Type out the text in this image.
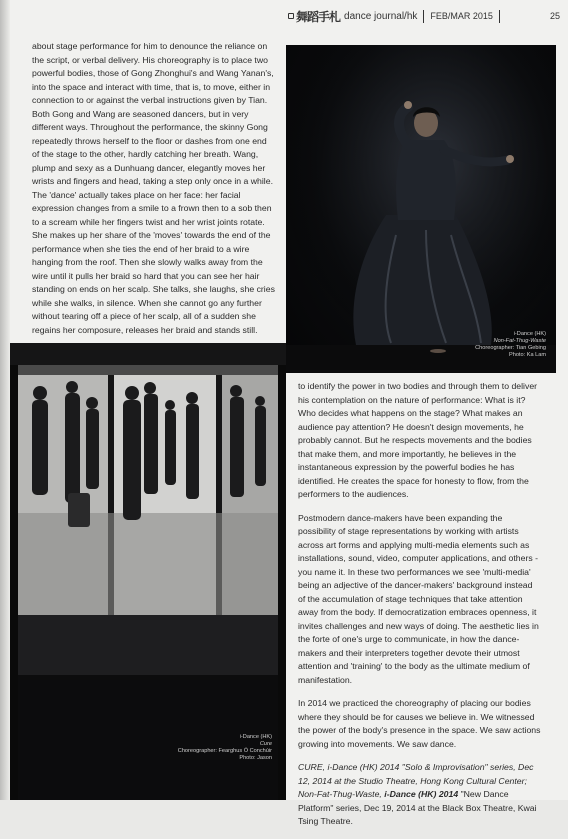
舞蹈手札 dance journal/hk FEB/MAR 2015	25

about stage performance for him to denounce the reliance on the script, or verbal delivery. His choreography is to place two powerful bodies, those of Gong Zhonghui's and Wang Yanan's, into the space and interact with time, that is, to move, either in connection to or against the verbal instructions given by Tian. Both Gong and Wang are seasoned dancers, but in very different ways. Throughout the performance, the skinny Gong repeatedly throws herself to the floor or dashes from one end of the stage to the other, hardly catching her breath. Wang, plump and sexy as a Dunhuang dancer, elegantly moves her wrists and fingers and head, taking a step only once in a while. The 'dance' actually takes place on her face: her facial expression changes from a smile to a frown then to a sob then to a scream while her fingers twist and her wrist joints rotate. She makes up her share of the 'moves' towards the end of the performance when she ties the end of her braid to a wire hanging from the roof. Then she slowly walks away from the wire until it pulls her braid so hard that you can see her hair standing on ends on her scalp. She talks, she laughs, she cries while she walks, in silence. When she cannot go any further without tearing off a piece of her scalp, all of a sudden she regains her composure, releases her braid and stands still.	i-Dance (HK)
Non-Fat-Thug-Waste
Choreographer: Tian Gebing
Photo: Ka Lam
i-Dance (HK)
Cure
Choreographer: Fearghus Ó Conchúir
Photo: Jason

to identify the power in two bodies and through them to deliver his contemplation on the nature of performance: What is it? Who decides what happens on the stage? What makes an audience pay attention? He doesn't design movements, he probably cannot. But he respects movements and the bodies that make them, and more importantly, he believes in the instantaneous expression by the powerful bodies he has identified. He creates the space for honesty to flow, from the performers to the audiences.

Postmodern dance-makers have been expanding the possibility of stage representations by working with artists across art forms and applying multi-media elements such as installations, sound, video, computer applications, and others - you name it. In these two performances we see 'multi-media' being an adjective of the dancer-makers' background instead of the accumulation of stage techniques that take attention away from the body. If democratization embraces openness, it invites challenges and new ways of doing. The aesthetic lies in the forte of one's urge to communicate, in how the dance-makers and their interpreters together devote their utmost attention and 'training' to the body as the ultimate medium of manifestation.

In 2014 we practiced the choreography of placing our bodies where they should be for causes we believe in. We witnessed the power of the body's presence in the space. We saw actions growing into movements. We saw dance.

CURE, i-Dance (HK) 2014 "Solo & Improvisation" series, Dec 12, 2014 at the Studio Theatre, Hong Kong Cultural Center; Non-Fat-Thug-Waste, i-Dance (HK) 2014 "New Dance Platform" series, Dec 19, 2014 at the Black Box Theatre, Kwai Tsing Theatre.
